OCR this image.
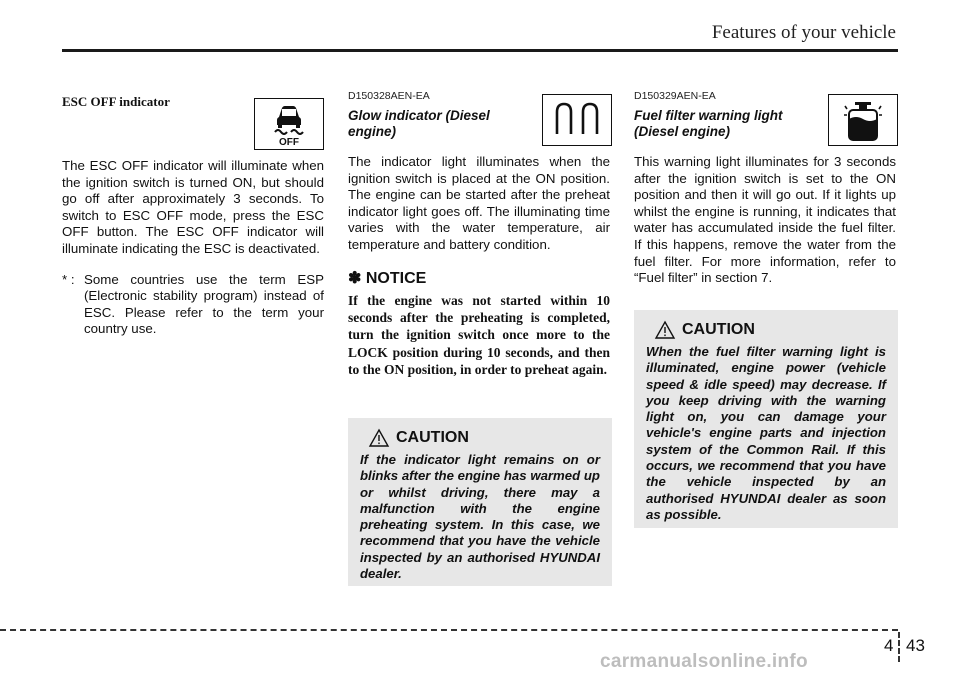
Features of your vehicle
ESC OFF indicator
OFF

The ESC OFF indicator will illuminate when the ignition switch is turned ON, but should go off after approximately 3 seconds. To switch to ESC OFF mode, press the ESC OFF button. The ESC OFF indicator will illuminate indicating the ESC is deactivated.

* : Some countries use the term ESP (Electronic stability program) instead of ESC. Please refer to the term your country use.
D150328AEN-EA
Glow indicator (Diesel engine)

The indicator light illuminates when the ignition switch is placed at the ON position. The engine can be started after the preheat indicator light goes off. The illuminating time varies with the water temperature, air temperature and battery condition.

✽ NOTICE

If the engine was not started within 10 seconds after the preheating is completed, turn the ignition switch once more to the LOCK position during 10 seconds, and then to the ON position, in order to preheat again.

CAUTION

If the indicator light remains on or blinks after the engine has warmed up or whilst driving, there may a malfunction with the engine preheating system. In this case, we recommend that you have the vehicle inspected by an authorised HYUNDAI dealer.

D150329AEN-EA
Fuel filter warning light (Diesel engine)

This warning light illuminates for 3 seconds after the ignition switch is set to the ON position and then it will go out. If it lights up whilst the engine is running, it indicates that water has accumulated inside the fuel filter. If this happens, remove the water from the fuel filter. For more information, refer to “Fuel filter” in section 7.

CAUTION

When the fuel filter warning light is illuminated, engine power (vehicle speed & idle speed) may decrease. If you keep driving with the warning light on, you can damage your vehicle's engine parts and injection system of the Common Rail. If this occurs, we recommend that you have the vehicle inspected by an authorised HYUNDAI dealer as soon as possible.

4 43
carmanualsonline.info
